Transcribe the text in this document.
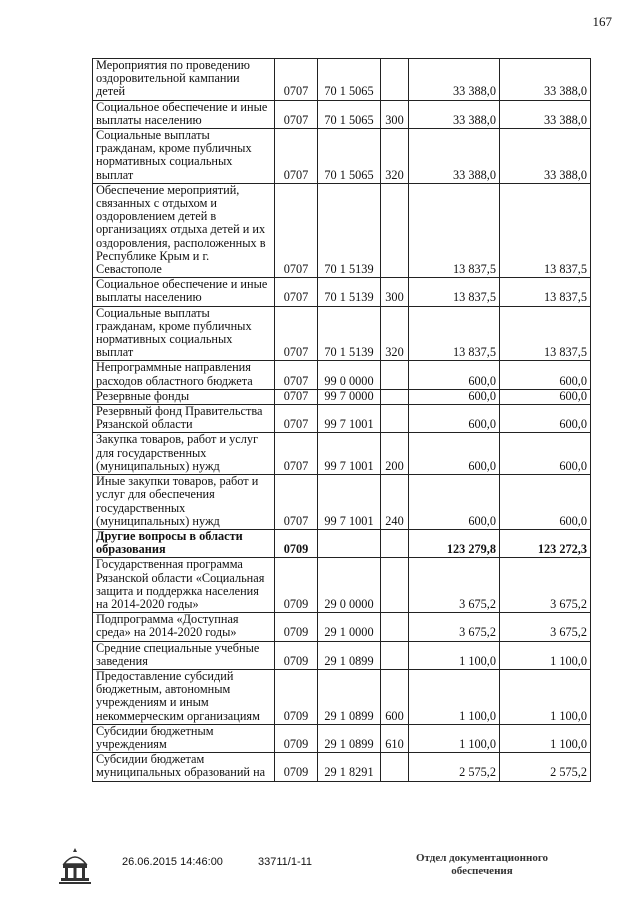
167
Мероприятия по проведению оздоровительной кампании детей	0707	70 1 5065		33 388,0	33 388,0
Социальное обеспечение и иные выплаты населению	0707	70 1 5065	300	33 388,0	33 388,0
Социальные выплаты гражданам, кроме публичных нормативных социальных выплат	0707	70 1 5065	320	33 388,0	33 388,0
Обеспечение мероприятий, связанных с отдыхом и оздоровлением детей в организациях отдыха детей и их оздоровления, расположенных в Республике Крым и г. Севастополе	0707	70 1 5139		13 837,5	13 837,5
Социальное обеспечение и иные выплаты населению	0707	70 1 5139	300	13 837,5	13 837,5
Социальные выплаты гражданам, кроме публичных нормативных социальных выплат	0707	70 1 5139	320	13 837,5	13 837,5
Непрограммные направления расходов областного бюджета	0707	99 0 0000		600,0	600,0
Резервные фонды	0707	99 7 0000		600,0	600,0
Резервный фонд Правительства Рязанской области	0707	99 7 1001		600,0	600,0
Закупка товаров, работ и услуг для государственных (муниципальных) нужд	0707	99 7 1001	200	600,0	600,0
Иные закупки товаров, работ и услуг для обеспечения государственных (муниципальных) нужд	0707	99 7 1001	240	600,0	600,0
Другие вопросы в области образования	0709			123 279,8	123 272,3
Государственная программа Рязанской области «Социальная защита и поддержка населения на 2014-2020 годы»	0709	29 0 0000		3 675,2	3 675,2
Подпрограмма «Доступная среда» на 2014-2020 годы»	0709	29 1 0000		3 675,2	3 675,2
Средние специальные учебные заведения	0709	29 1 0899		1 100,0	1 100,0
Предоставление субсидий бюджетным, автономным учреждениям и иным некоммерческим организациям	0709	29 1 0899	600	1 100,0	1 100,0
Субсидии бюджетным учреждениям	0709	29 1 0899	610	1 100,0	1 100,0
Субсидии бюджетам муниципальных образований на	0709	29 1 8291		2 575,2	2 575,2
26.06.2015 14:46:00	33711/1-11	Отдел документационного
обеспечения
